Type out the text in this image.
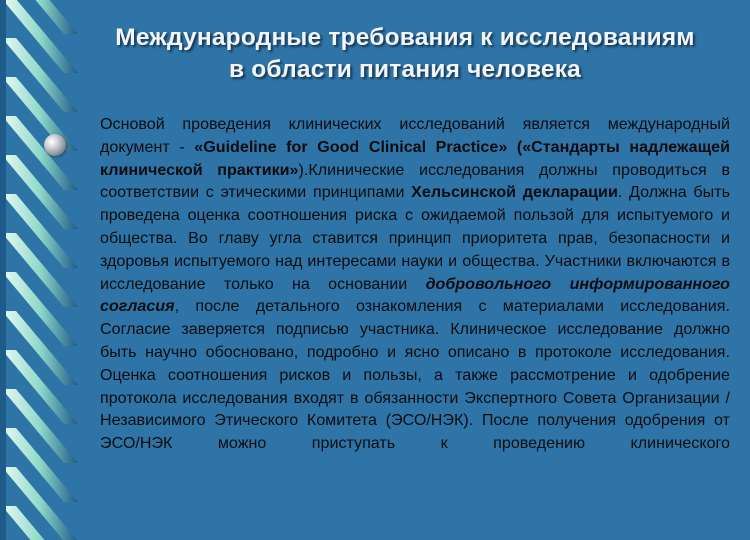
Международные требования к исследованиям
в области питания человека

Основой проведения клинических исследований является международный документ - «Guideline for Good Clinical Practice» («Стандарты надлежащей клинической практики»).Клинические исследования должны проводиться в соответствии с этическими принципами Хельсинской декларации. Должна быть проведена оценка соотношения риска с ожидаемой пользой для испытуемого и общества. Во главу угла ставится принцип приоритета прав, безопасности и здоровья испытуемого над интересами науки и общества. Участники включаются в исследование только на основании добровольного информированного согласия, после детального ознакомления с материалами исследования. Согласие заверяется подписью участника. Клиническое исследование должно быть научно обосновано, подробно и ясно описано в протоколе исследования. Оценка соотношения рисков и пользы, а также рассмотрение и одобрение протокола исследования входят в обязанности Экспертного Совета Организации / Независимого Этического Комитета (ЭСО/НЭК). После получения одобрения от ЭСО/НЭК можно приступать к проведению клинического
